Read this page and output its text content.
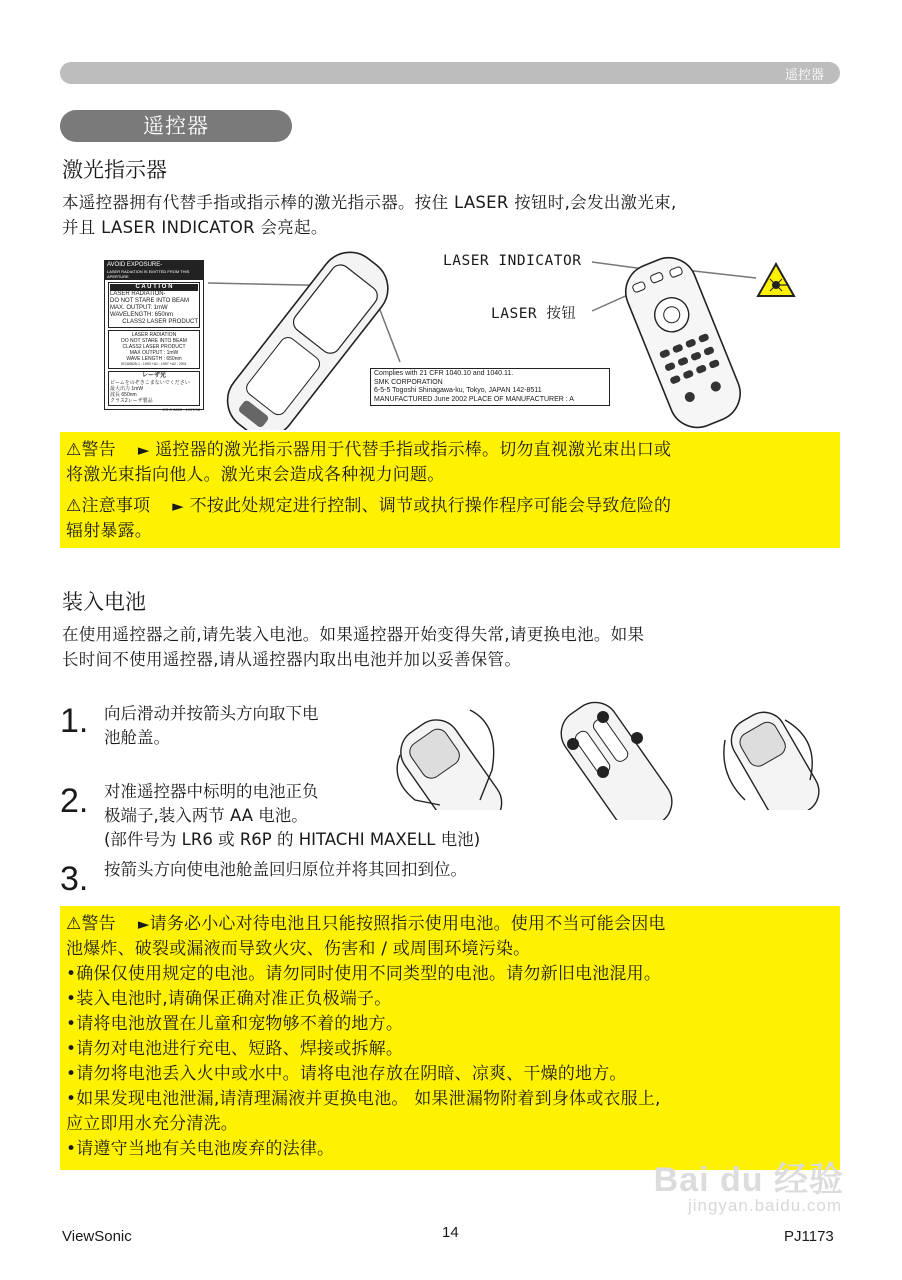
遥控器
遥控器
激光指示器
本遥控器拥有代替手指或指示棒的激光指示器。按住 LASER 按钮时,会发出激光束,
并且 LASER INDICATOR 会亮起。
AVOID EXPOSURE-
LASER RADIATION IS EMITTED FROM THIS APERTURE
C A U T I O N
LASER RADIATION-
DO NOT STARE INTO BEAM
MAX. OUTPUT: 1mW
WAVELENGTH: 650nm
CLASS2 LASER PRODUCT
LASER RADIATION
DO NOT STARE INTO BEAM
CLASS2 LASER PRODUCT
MAX OUTPUT : 1mW
WAVE LENGTH : 650nm
IEC60825-1 : 1993 +A1 : 1997 +A2 : 2001
レーザ光
ビームをのぞきこまないでください
最大出力 1mW
波長 650nm
クラス2レーザ製品
JIS C 6802 : 1997/98
Complies with 21 CFR 1040.10 and 1040.11.
SMK CORPORATION
6-5-5 Togoshi Shinagawa-ku, Tokyo, JAPAN 142-8511
MANUFACTURED June 2002 PLACE OF MANUFACTURER : A
LASER INDICATOR
LASER 按钮
⚠警告 ► 遥控器的激光指示器用于代替手指或指示棒。切勿直视激光束出口或
将激光束指向他人。激光束会造成各种视力问题。
⚠注意事项 ► 不按此处规定进行控制、调节或执行操作程序可能会导致危险的
辐射暴露。
装入电池
在使用遥控器之前,请先装入电池。如果遥控器开始变得失常,请更换电池。如果
长时间不使用遥控器,请从遥控器内取出电池并加以妥善保管。
1. 向后滑动并按箭头方向取下电
池舱盖。
2. 对准遥控器中标明的电池正负
极端子,装入两节 AA 电池。
(部件号为 LR6 或 R6P 的 HITACHI MAXELL 电池)
3. 按箭头方向使电池舱盖回归原位并将其回扣到位。
⚠警告 ►请务必小心对待电池且只能按照指示使用电池。使用不当可能会因电
池爆炸、破裂或漏液而导致火灾、伤害和 / 或周围环境污染。
•确保仅使用规定的电池。请勿同时使用不同类型的电池。请勿新旧电池混用。
•装入电池时,请确保正确对准正负极端子。
•请将电池放置在儿童和宠物够不着的地方。
•请勿对电池进行充电、短路、焊接或拆解。
•请勿将电池丢入火中或水中。请将电池存放在阴暗、凉爽、干燥的地方。
•如果发现电池泄漏,请清理漏液并更换电池。 如果泄漏物附着到身体或衣服上,
应立即用水充分清洗。
•请遵守当地有关电池废弃的法律。
Bai du 经验
jingyan.baidu.com
ViewSonic	14	PJ1173
